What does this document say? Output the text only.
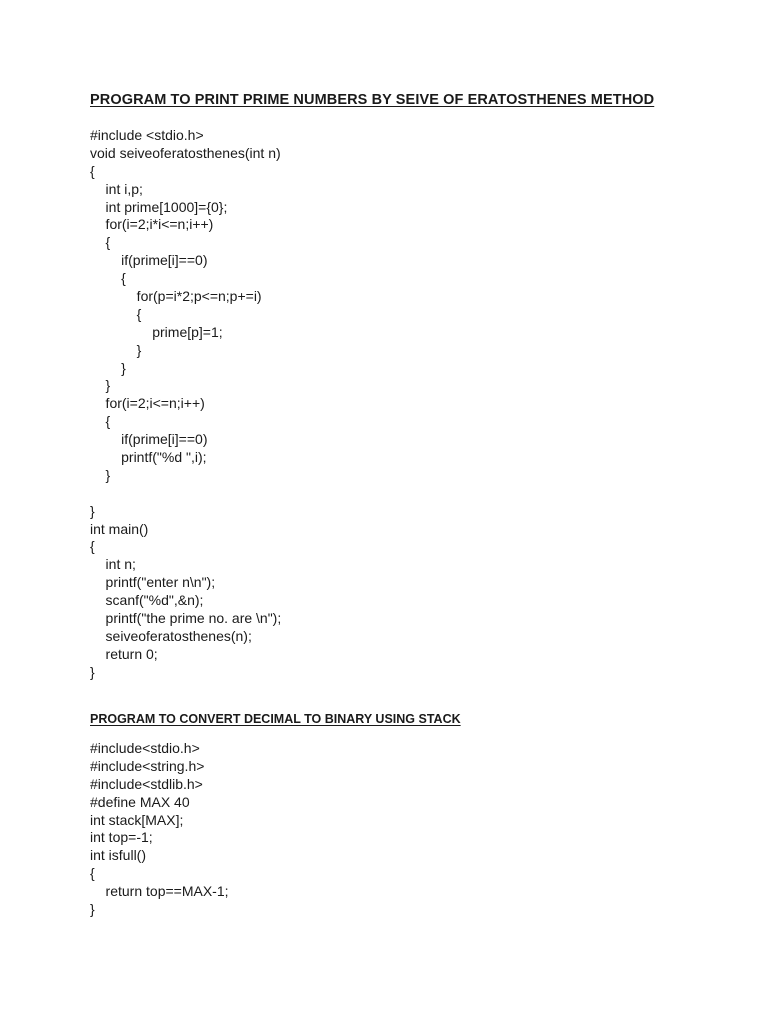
PROGRAM TO PRINT PRIME NUMBERS BY SEIVE OF ERATOSTHENES METHOD
#include <stdio.h>
void seiveoferatosthenes(int n)
{
int i,p;
int prime[1000]={0};
for(i=2;i*i<=n;i++)
{
if(prime[i]==0)
{
for(p=i*2;p<=n;p+=i)
{
prime[p]=1;
}
}
}
for(i=2;i<=n;i++)
{
if(prime[i]==0)
printf("%d ",i);
}
}
int main()
{
int n;
printf("enter n\n");
scanf("%d",&n);
printf("the prime no. are \n");
seiveoferatosthenes(n);
return 0;
}
PROGRAM TO CONVERT DECIMAL TO BINARY USING STACK
#include<stdio.h>
#include<string.h>
#include<stdlib.h>
#define MAX 40
int stack[MAX];
int top=-1;
int isfull()
{
return top==MAX-1;
}
